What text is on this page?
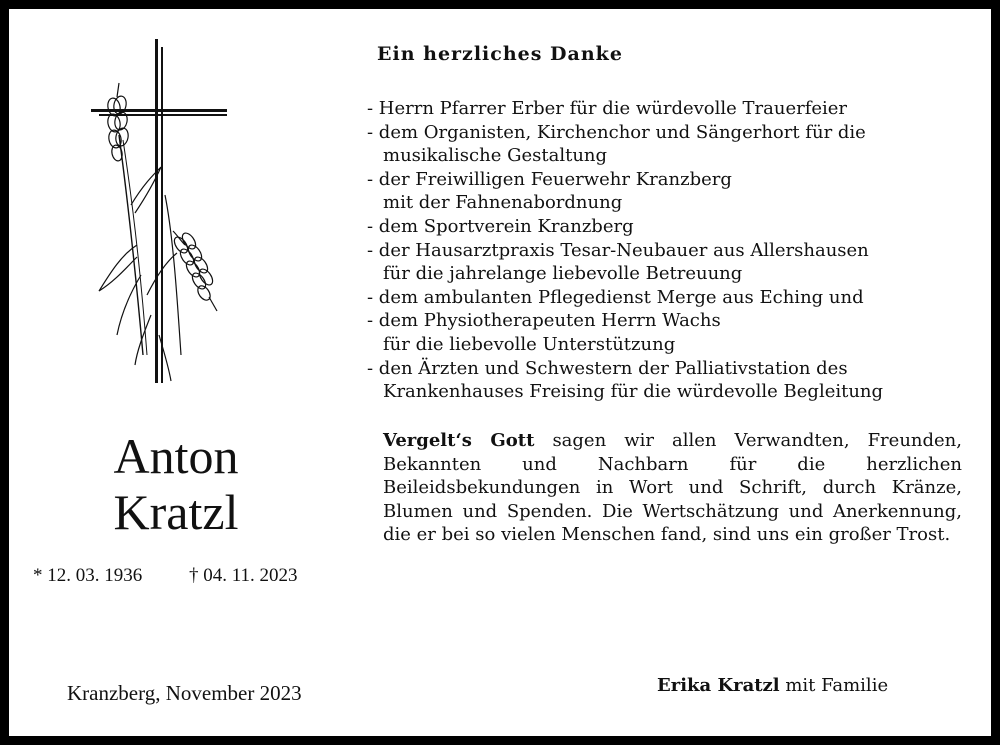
Anton
Kratzl
* 12. 03. 1936 † 04. 11. 2023
Ein herzliches Danke
- Herrn Pfarrer Erber für die würdevolle Trauerfeier
- dem Organisten, Kirchenchor und Sängerhort für die
musikalische Gestaltung
- der Freiwilligen Feuerwehr Kranzberg
mit der Fahnenabordnung
- dem Sportverein Kranzberg
- der Hausarztpraxis Tesar-Neubauer aus Allershausen
für die jahrelange liebevolle Betreuung
- dem ambulanten Pflegedienst Merge aus Eching und
- dem Physiotherapeuten Herrn Wachs
für die liebevolle Unterstützung
- den Ärzten und Schwestern der Palliativstation des
Krankenhauses Freising für die würdevolle Begleitung

Vergelt‘s Gott sagen wir allen Verwandten, Freunden, Bekannten und Nachbarn für die herzlichen Beileidsbekundungen in Wort und Schrift, durch Kränze, Blumen und Spenden. Die Wertschätzung und Anerkennung, die er bei so vielen Menschen fand, sind uns ein großer Trost.

Kranzberg, November 2023	Erika Kratzl mit Familie
